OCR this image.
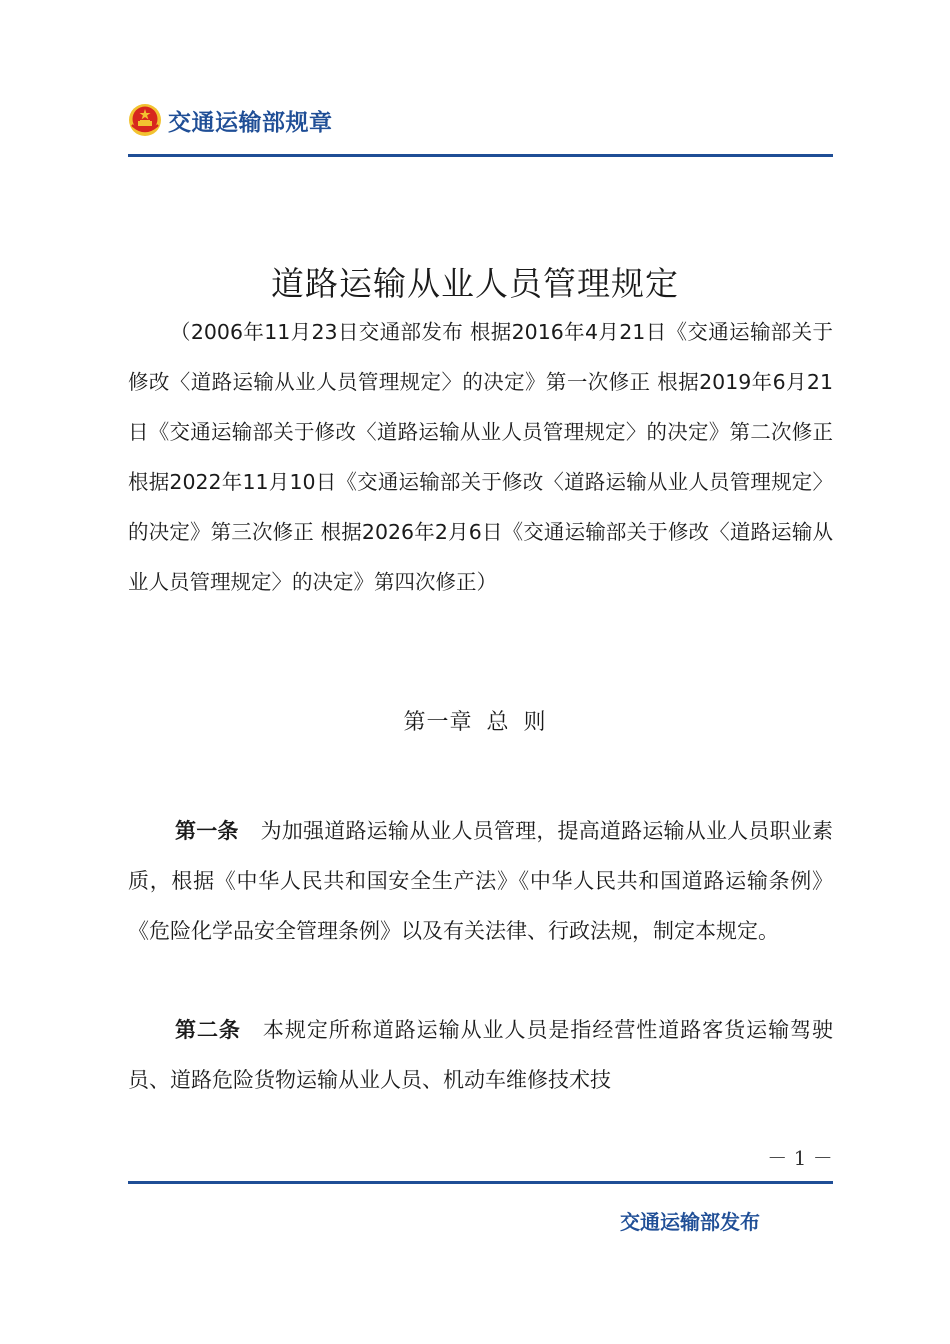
交通运输部规章
道路运输从业人员管理规定

（2006年11月23日交通部发布 根据2016年4月21日《交通运输部关于修改〈道路运输从业人员管理规定〉的决定》第一次修正 根据2019年6月21日《交通运输部关于修改〈道路运输从业人员管理规定〉的决定》第二次修正 根据2022年11月10日《交通运输部关于修改〈道路运输从业人员管理规定〉的决定》第三次修正 根据2026年2月6日《交通运输部关于修改〈道路运输从业人员管理规定〉的决定》第四次修正）

第一章 总 则

第一条 为加强道路运输从业人员管理，提高道路运输从业人员职业素质，根据《中华人民共和国安全生产法》《中华人民共和国道路运输条例》《危险化学品安全管理条例》以及有关法律、行政法规，制定本规定。

第二条 本规定所称道路运输从业人员是指经营性道路客货运输驾驶员、道路危险货物运输从业人员、机动车维修技术技

－ 1 －
交通运输部发布
